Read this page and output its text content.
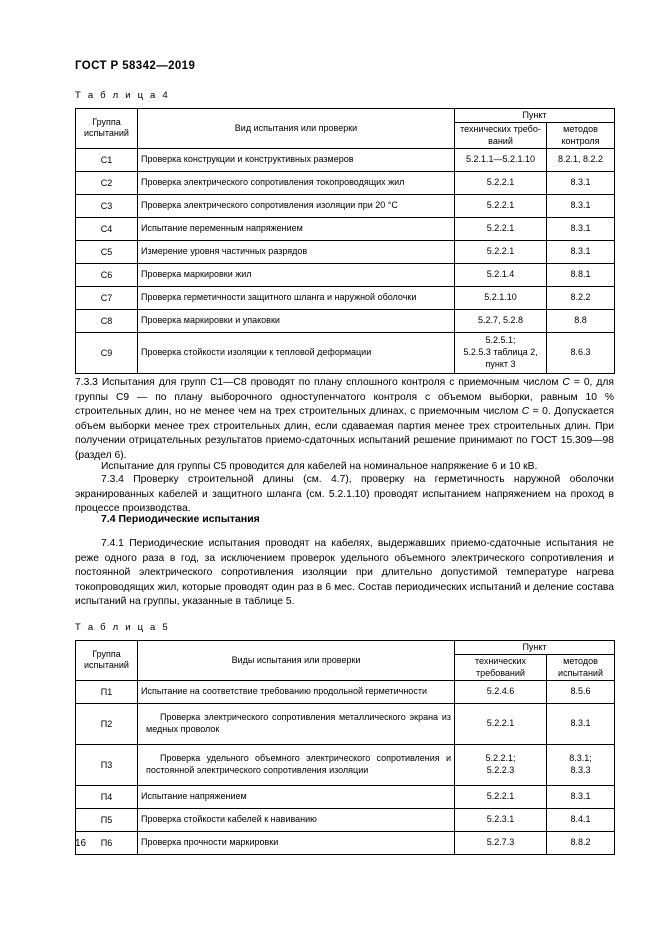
ГОСТ Р 58342—2019
Т а б л и ц а 4
Группа испытаний	Вид испытания или проверки	Пункт	
		технических требо-ваний	методов контроля
С1	Проверка конструкции и конструктивных размеров	5.2.1.1—5.2.1.10	8.2.1, 8.2.2
С2	Проверка электрического сопротивления токопроводящих жил	5.2.2.1	8.3.1
С3	Проверка электрического сопротивления изоляции при 20 °С	5.2.2.1	8.3.1
С4	Испытание переменным напряжением	5.2.2.1	8.3.1
С5	Измерение уровня частичных разрядов	5.2.2.1	8.3.1
С6	Проверка маркировки жил	5.2.1.4	8.8.1
С7	Проверка герметичности защитного шланга и наружной оболочки	5.2.1.10	8.2.2
С8	Проверка маркировки и упаковки	5.2.7, 5.2.8	8.8
С9	Проверка стойкости изоляции к тепловой деформации	5.2.5.1;
5.2.5.3 таблица 2,
пункт 3	8.6.3
7.3.3 Испытания для групп С1—С8 проводят по плану сплошного контроля с приемочным числом C = 0, для группы С9 — по плану выборочного одноступенчатого контроля с объемом выборки, равным 10 % строительных длин, но не менее чем на трех строительных длинах, с приемочным числом C = 0. Допускается объем выборки менее трех строительных длин, если сдаваемая партия менее трех строительных длин. При получении отрицательных результатов приемо-сдаточных испытаний решение принимают по ГОСТ 15.309—98 (раздел 6).
Испытание для группы С5 проводится для кабелей на номинальное напряжение 6 и 10 кВ.
7.3.4 Проверку строительной длины (см. 4.7), проверку на герметичность наружной оболочки экранированных кабелей и защитного шланга (см. 5.2.1.10) проводят испытанием напряжением на проход в процессе производства.
7.4 Периодические испытания
7.4.1 Периодические испытания проводят на кабелях, выдержавших приемо-сдаточные испытания не реже одного раза в год, за исключением проверок удельного объемного электрического сопротивления и постоянной электрического сопротивления изоляции при длительно допустимой температуре нагрева токопроводящих жил, которые проводят один раз в 6 мес. Состав периодических испытаний и деление состава испытаний на группы, указанные в таблице 5.
Т а б л и ц а 5
Группа испытаний	Виды испытания или проверки	Пункт	
		технических требований	методов испытаний
П1	Испытание на соответствие требованию продольной герметичности	5.2.4.6	8.5.6
П2	Проверка электрического сопротивления металлического экрана из медных проволок	5.2.2.1	8.3.1
П3	Проверка удельного объемного электрического сопротивления и постоянной электрического сопротивления изоляции	5.2.2.1;
5.2.2.3	8.3.1;
8.3.3
П4	Испытание напряжением	5.2.2.1	8.3.1
П5	Проверка стойкости кабелей к навиванию	5.2.3.1	8.4.1
П6	Проверка прочности маркировки	5.2.7.3	8.8.2
16
